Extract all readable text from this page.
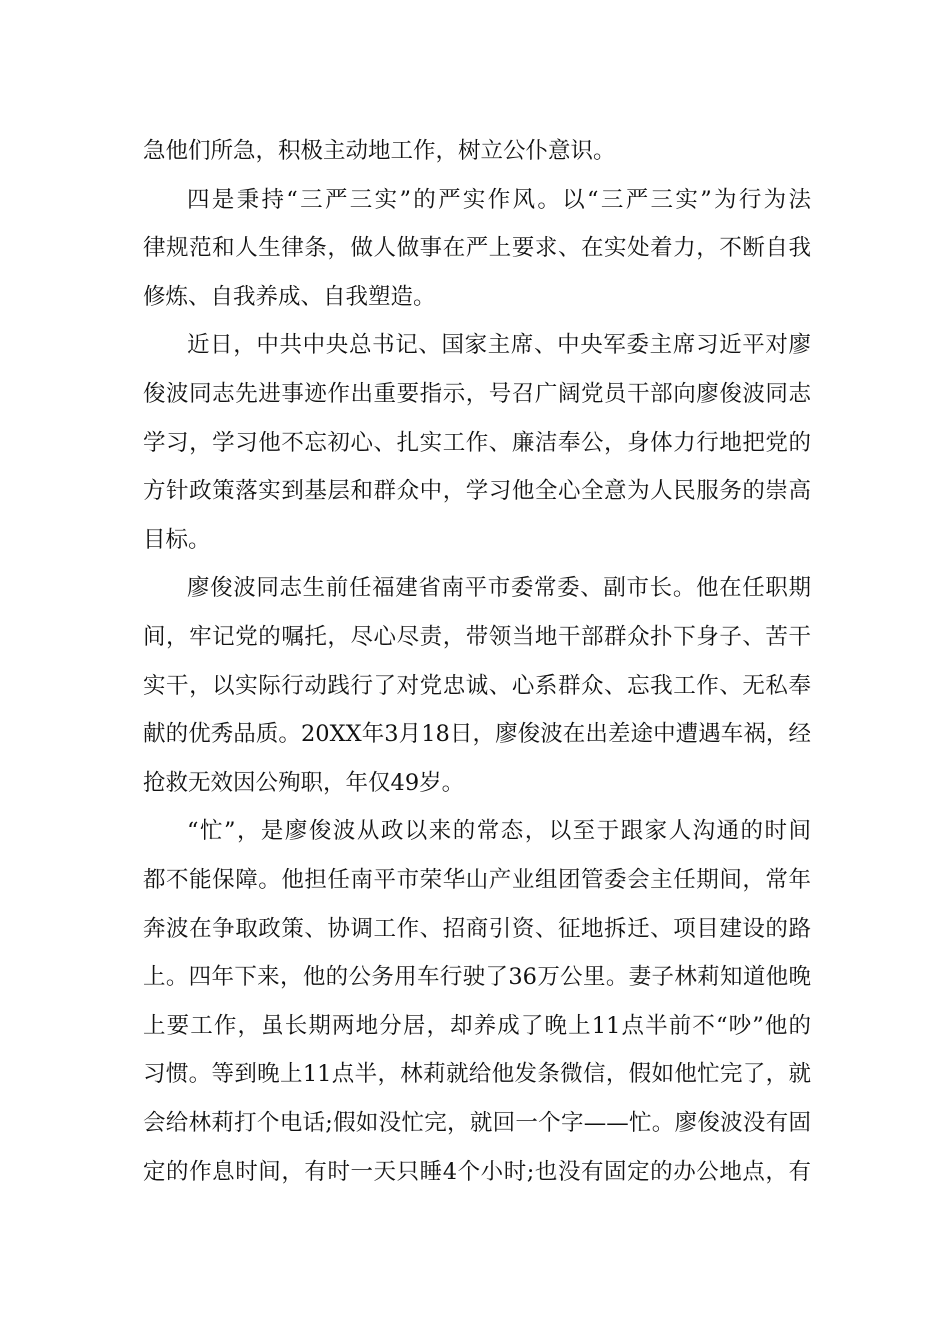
急他们所急，积极主动地工作，树立公仆意识。
四是秉持“三严三实”的严实作风。以“三严三实”为行为法
律规范和人生律条，做人做事在严上要求、在实处着力，不断自我
修炼、自我养成、自我塑造。
近日，中共中央总书记、国家主席、中央军委主席习近平对廖
俊波同志先进事迹作出重要指示，号召广阔党员干部向廖俊波同志
学习，学习他不忘初心、扎实工作、廉洁奉公，身体力行地把党的
方针政策落实到基层和群众中，学习他全心全意为人民服务的崇高
目标。
廖俊波同志生前任福建省南平市委常委、副市长。他在任职期
间，牢记党的嘱托，尽心尽责，带领当地干部群众扑下身子、苦干
实干，以实际行动践行了对党忠诚、心系群众、忘我工作、无私奉
献的优秀品质。20XX年3月18日，廖俊波在出差途中遭遇车祸，经
抢救无效因公殉职，年仅49岁。
“忙”，是廖俊波从政以来的常态，以至于跟家人沟通的时间
都不能保障。他担任南平市荣华山产业组团管委会主任期间，常年
奔波在争取政策、协调工作、招商引资、征地拆迁、项目建设的路
上。四年下来，他的公务用车行驶了36万公里。妻子林莉知道他晚
上要工作，虽长期两地分居，却养成了晚上11点半前不“吵”他的
习惯。等到晚上11点半，林莉就给他发条微信，假如他忙完了，就
会给林莉打个电话;假如没忙完，就回一个字——忙。廖俊波没有固
定的作息时间，有时一天只睡4个小时;也没有固定的办公地点，有
